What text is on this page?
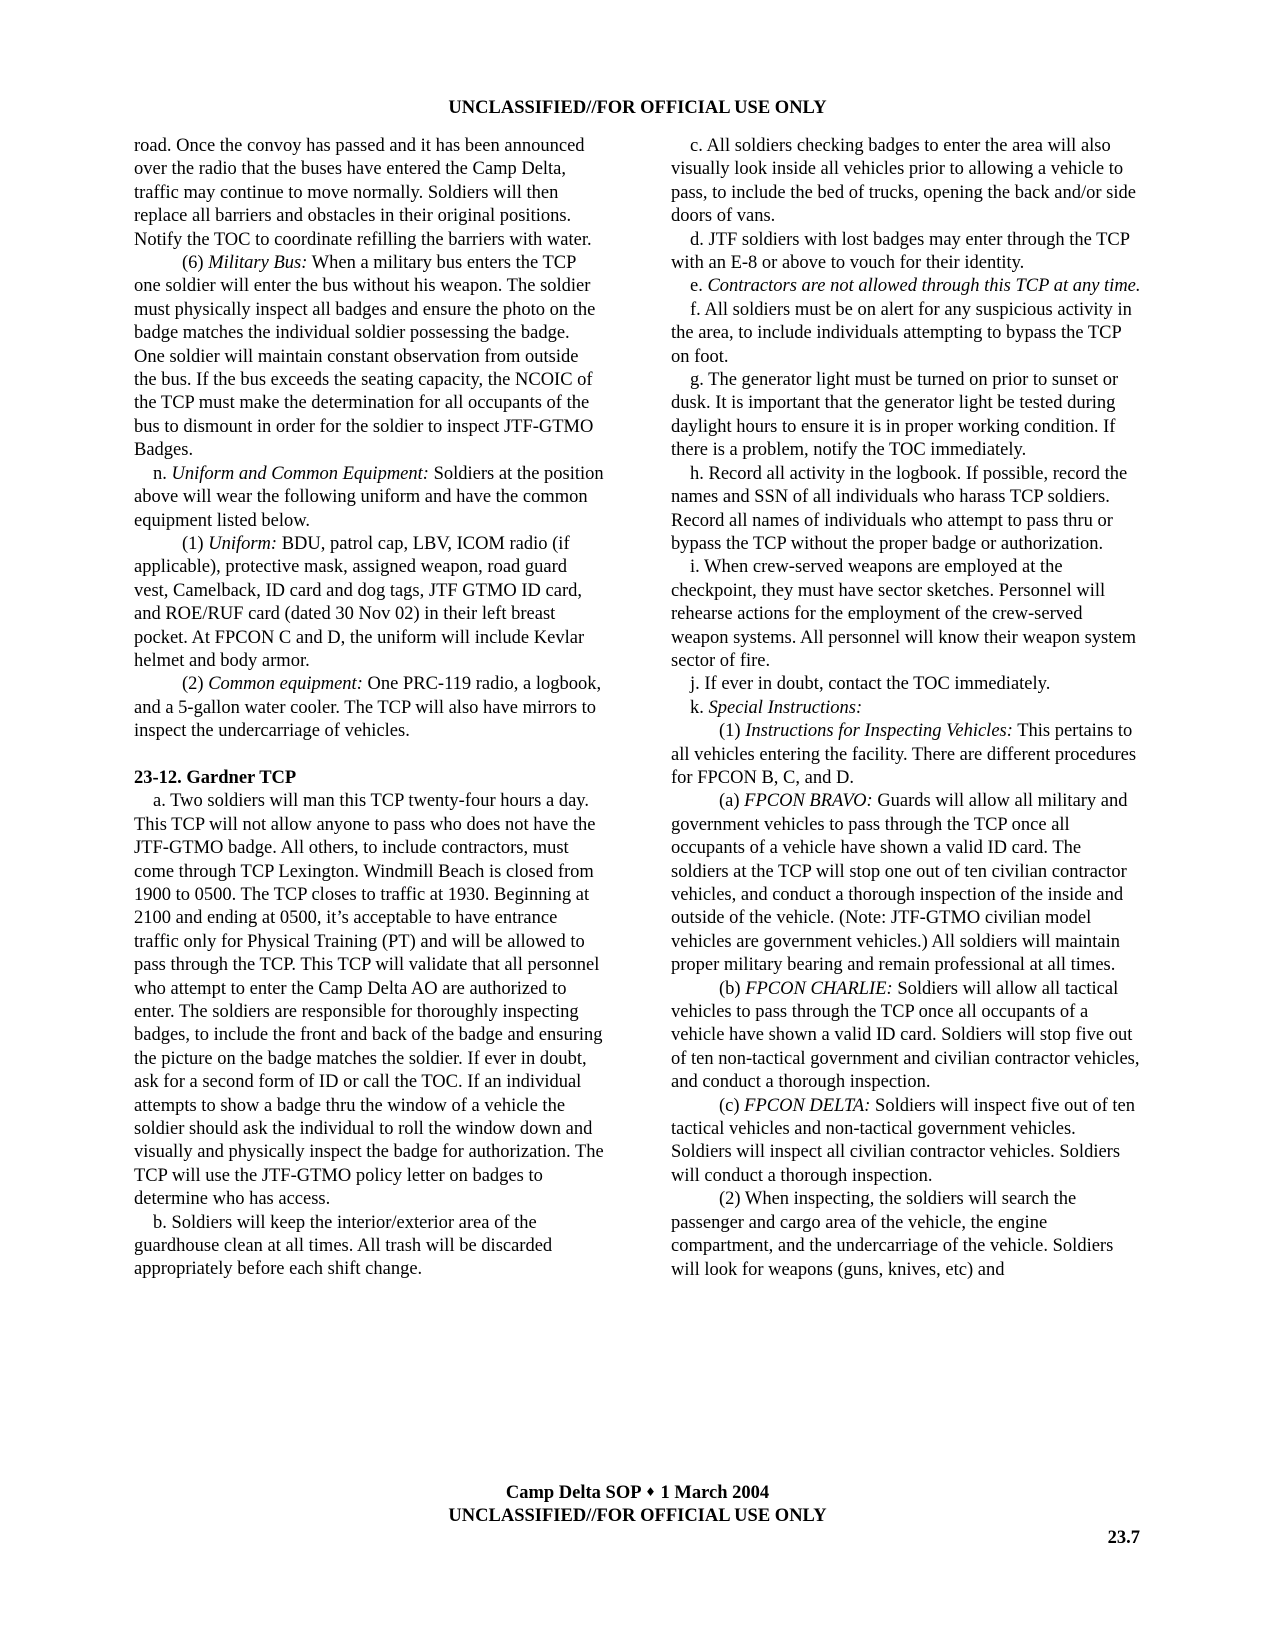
UNCLASSIFIED//FOR OFFICIAL USE ONLY

road. Once the convoy has passed and it has been announced over the radio that the buses have entered the Camp Delta, traffic may continue to move normally. Soldiers will then replace all barriers and obstacles in their original positions. Notify the TOC to coordinate refilling the barriers with water.

(6) Military Bus: When a military bus enters the TCP one soldier will enter the bus without his weapon. The soldier must physically inspect all badges and ensure the photo on the badge matches the individual soldier possessing the badge. One soldier will maintain constant observation from outside the bus. If the bus exceeds the seating capacity, the NCOIC of the TCP must make the determination for all occupants of the bus to dismount in order for the soldier to inspect JTF-GTMO Badges.

n. Uniform and Common Equipment: Soldiers at the position above will wear the following uniform and have the common equipment listed below.

(1) Uniform: BDU, patrol cap, LBV, ICOM radio (if applicable), protective mask, assigned weapon, road guard vest, Camelback, ID card and dog tags, JTF GTMO ID card, and ROE/RUF card (dated 30 Nov 02) in their left breast pocket. At FPCON C and D, the uniform will include Kevlar helmet and body armor.

(2) Common equipment: One PRC-119 radio, a logbook, and a 5-gallon water cooler. The TCP will also have mirrors to inspect the undercarriage of vehicles.

23-12. Gardner TCP

a. Two soldiers will man this TCP twenty-four hours a day. This TCP will not allow anyone to pass who does not have the JTF-GTMO badge. All others, to include contractors, must come through TCP Lexington. Windmill Beach is closed from 1900 to 0500. The TCP closes to traffic at 1930. Beginning at 2100 and ending at 0500, it’s acceptable to have entrance traffic only for Physical Training (PT) and will be allowed to pass through the TCP. This TCP will validate that all personnel who attempt to enter the Camp Delta AO are authorized to enter. The soldiers are responsible for thoroughly inspecting badges, to include the front and back of the badge and ensuring the picture on the badge matches the soldier. If ever in doubt, ask for a second form of ID or call the TOC. If an individual attempts to show a badge thru the window of a vehicle the soldier should ask the individual to roll the window down and visually and physically inspect the badge for authorization. The TCP will use the JTF-GTMO policy letter on badges to determine who has access.

b. Soldiers will keep the interior/exterior area of the guardhouse clean at all times. All trash will be discarded appropriately before each shift change.

c. All soldiers checking badges to enter the area will also visually look inside all vehicles prior to allowing a vehicle to pass, to include the bed of trucks, opening the back and/or side doors of vans.

d. JTF soldiers with lost badges may enter through the TCP with an E-8 or above to vouch for their identity.

e. Contractors are not allowed through this TCP at any time.

f. All soldiers must be on alert for any suspicious activity in the area, to include individuals attempting to bypass the TCP on foot.

g. The generator light must be turned on prior to sunset or dusk. It is important that the generator light be tested during daylight hours to ensure it is in proper working condition. If there is a problem, notify the TOC immediately.

h. Record all activity in the logbook. If possible, record the names and SSN of all individuals who harass TCP soldiers. Record all names of individuals who attempt to pass thru or bypass the TCP without the proper badge or authorization.

i. When crew-served weapons are employed at the checkpoint, they must have sector sketches. Personnel will rehearse actions for the employment of the crew-served weapon systems. All personnel will know their weapon system sector of fire.

j. If ever in doubt, contact the TOC immediately.

k. Special Instructions:

(1) Instructions for Inspecting Vehicles: This pertains to all vehicles entering the facility. There are different procedures for FPCON B, C, and D.

(a) FPCON BRAVO: Guards will allow all military and government vehicles to pass through the TCP once all occupants of a vehicle have shown a valid ID card. The soldiers at the TCP will stop one out of ten civilian contractor vehicles, and conduct a thorough inspection of the inside and outside of the vehicle. (Note: JTF-GTMO civilian model vehicles are government vehicles.) All soldiers will maintain proper military bearing and remain professional at all times.

(b) FPCON CHARLIE: Soldiers will allow all tactical vehicles to pass through the TCP once all occupants of a vehicle have shown a valid ID card. Soldiers will stop five out of ten non-tactical government and civilian contractor vehicles, and conduct a thorough inspection.

(c) FPCON DELTA: Soldiers will inspect five out of ten tactical vehicles and non-tactical government vehicles. Soldiers will inspect all civilian contractor vehicles. Soldiers will conduct a thorough inspection.

(2) When inspecting, the soldiers will search the passenger and cargo area of the vehicle, the engine compartment, and the undercarriage of the vehicle. Soldiers will look for weapons (guns, knives, etc) and

Camp Delta SOP ♦ 1 March 2004
UNCLASSIFIED//FOR OFFICIAL USE ONLY
23.7
